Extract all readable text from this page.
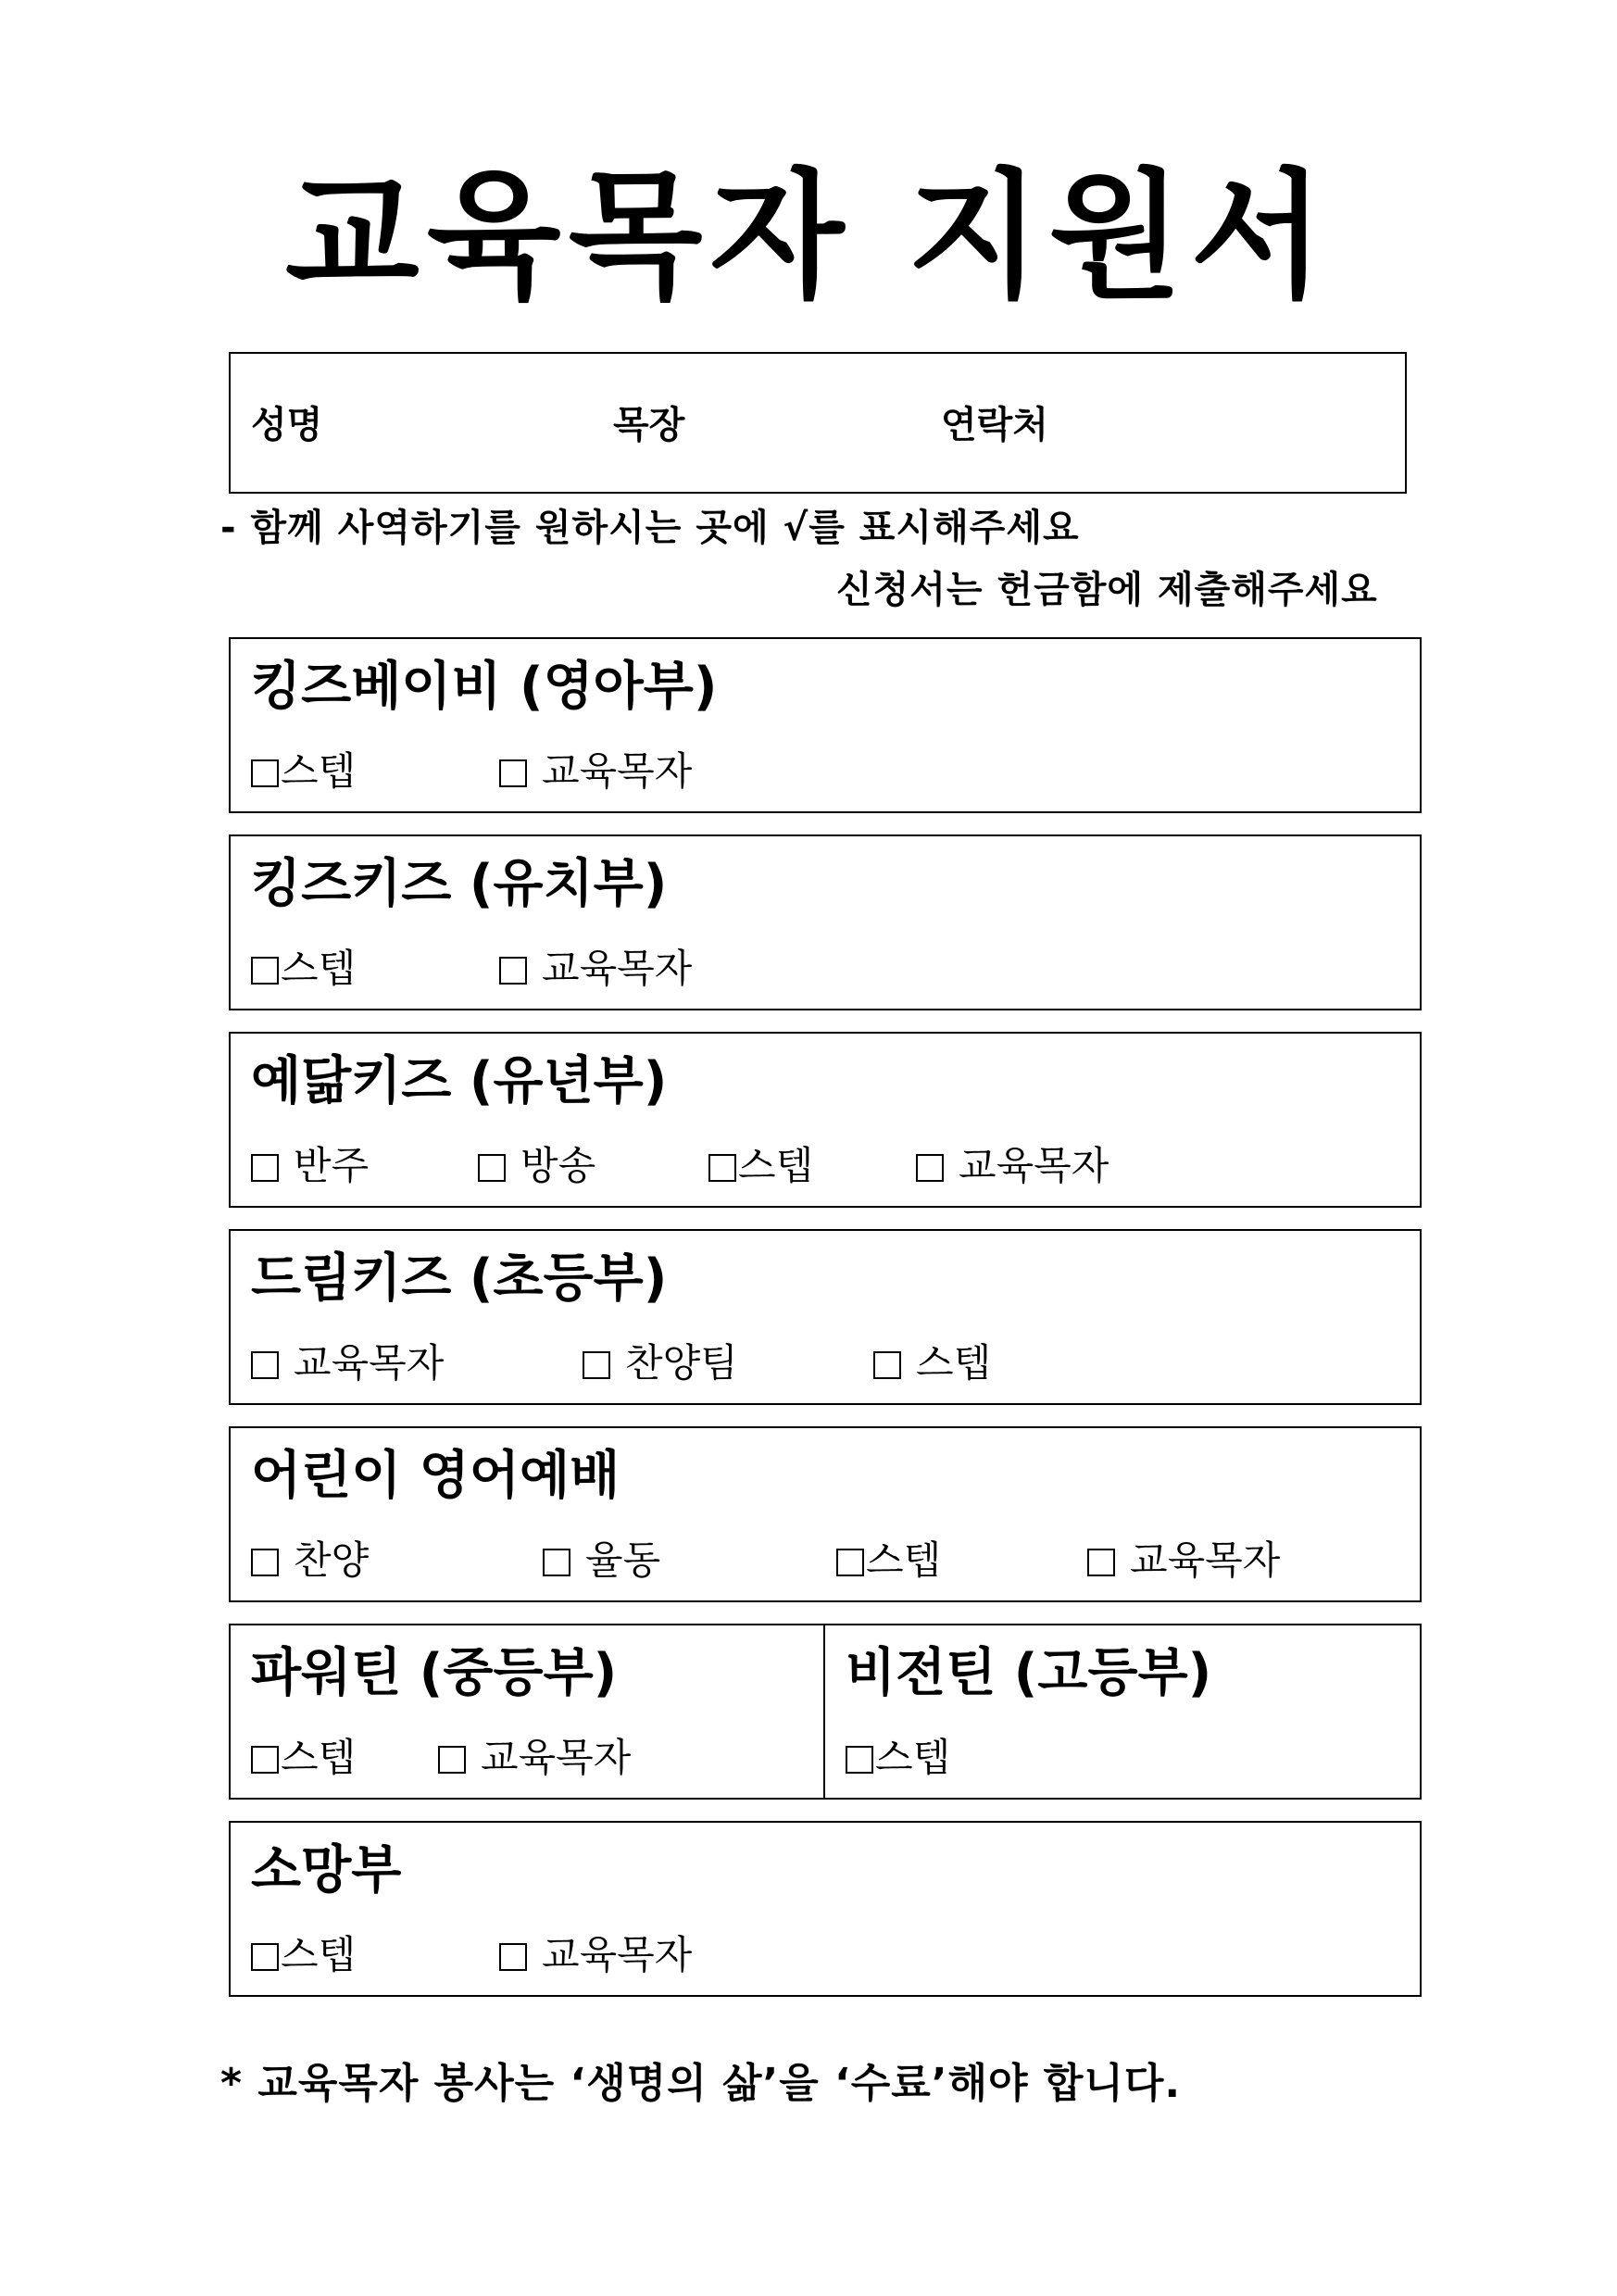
교육목자 지원서
성명	목장	연락처
- 함께 사역하기를 원하시는 곳에 √를 표시해주세요
신청서는 헌금함에 제출해주세요
킹즈베이비 (영아부)
스텝	교육목자
킹즈키즈 (유치부)
스텝	교육목자
예닮키즈 (유년부)
반주	방송	스텝	교육목자
드림키즈 (초등부)
교육목자	찬양팀	스텝
어린이 영어예배
찬양	율동	스텝	교육목자
파워틴 (중등부)
스텝	교육목자
비전틴 (고등부)
스텝
소망부
스텝	교육목자
* 교육목자 봉사는 ‘생명의 삶’을 ‘수료’해야 합니다.
